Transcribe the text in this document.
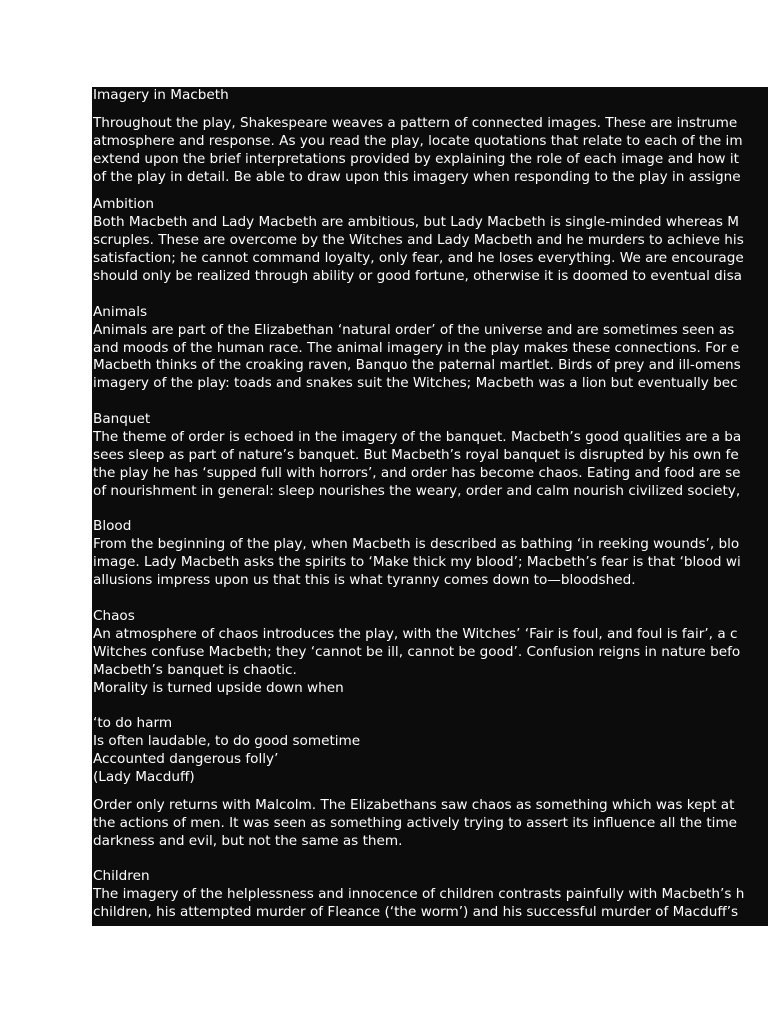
Imagery in Macbeth
Throughout the play, Shakespeare weaves a pattern of connected images. These are instrume
atmosphere and response. As you read the play, locate quotations that relate to each of the im
extend upon the brief interpretations provided by explaining the role of each image and how it
of the play in detail. Be able to draw upon this imagery when responding to the play in assigne
Ambition
Both Macbeth and Lady Macbeth are ambitious, but Lady Macbeth is single-minded whereas M
scruples. These are overcome by the Witches and Lady Macbeth and he murders to achieve his
satisfaction; he cannot command loyalty, only fear, and he loses everything. We are encourage
should only be realized through ability or good fortune, otherwise it is doomed to eventual disa
Animals
Animals are part of the Elizabethan ‘natural order’ of the universe and are sometimes seen as
and moods of the human race. The animal imagery in the play makes these connections. For e
Macbeth thinks of the croaking raven, Banquo the paternal martlet. Birds of prey and ill-omens
imagery of the play: toads and snakes suit the Witches; Macbeth was a lion but eventually bec
Banquet
The theme of order is echoed in the imagery of the banquet. Macbeth’s good qualities are a ba
sees sleep as part of nature’s banquet. But Macbeth’s royal banquet is disrupted by his own fe
the play he has ‘supped full with horrors’, and order has become chaos. Eating and food are se
of nourishment in general: sleep nourishes the weary, order and calm nourish civilized society,
Blood
From the beginning of the play, when Macbeth is described as bathing ‘in reeking wounds’, blo
image. Lady Macbeth asks the spirits to ‘Make thick my blood’; Macbeth’s fear is that ‘blood wi
allusions impress upon us that this is what tyranny comes down to—bloodshed.
Chaos
An atmosphere of chaos introduces the play, with the Witches’ ‘Fair is foul, and foul is fair’, a c
Witches confuse Macbeth; they ‘cannot be ill, cannot be good’. Confusion reigns in nature befo
Macbeth’s banquet is chaotic.
Morality is turned upside down when
‘to do harm
Is often laudable, to do good sometime
Accounted dangerous folly’
(Lady Macduff)
Order only returns with Malcolm. The Elizabethans saw chaos as something which was kept at
the actions of men. It was seen as something actively trying to assert its influence all the time
darkness and evil, but not the same as them.
Children
The imagery of the helplessness and innocence of children contrasts painfully with Macbeth’s h
children, his attempted murder of Fleance (‘the worm’) and his successful murder of Macduff’s
